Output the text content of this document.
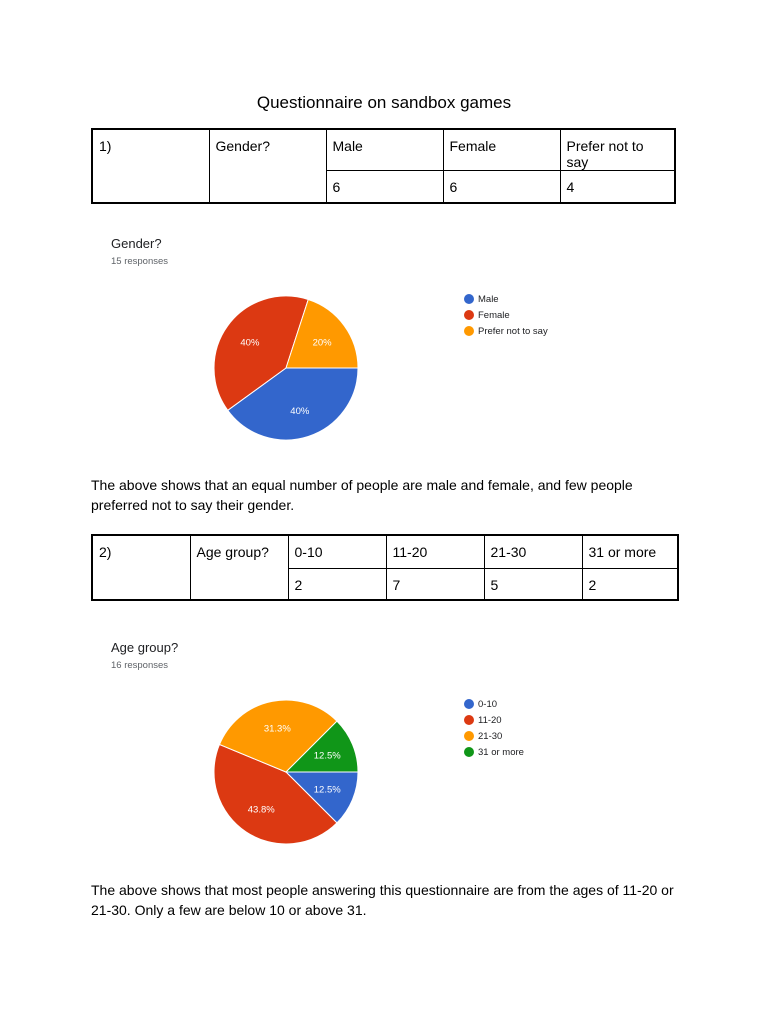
Questionnaire on sandbox games
1)	Gender?	Male	Female	Prefer not to say
		6	6	4
Gender?
15 responses
40%
40%	20%
Male
Female
Prefer not to say
The above shows that an equal number of people are male and female, and few people preferred not to say their gender.
2)	Age group?	0-10	11-20	21-30	31 or more
		2	7	5	2
Age group?
16 responses
12.5%
43.8%
31.3%
12.5%
0-10
11-20
21-30
31 or more
The above shows that most people answering this questionnaire are from the ages of 11-20 or 21-30. Only a few are below 10 or above 31.
